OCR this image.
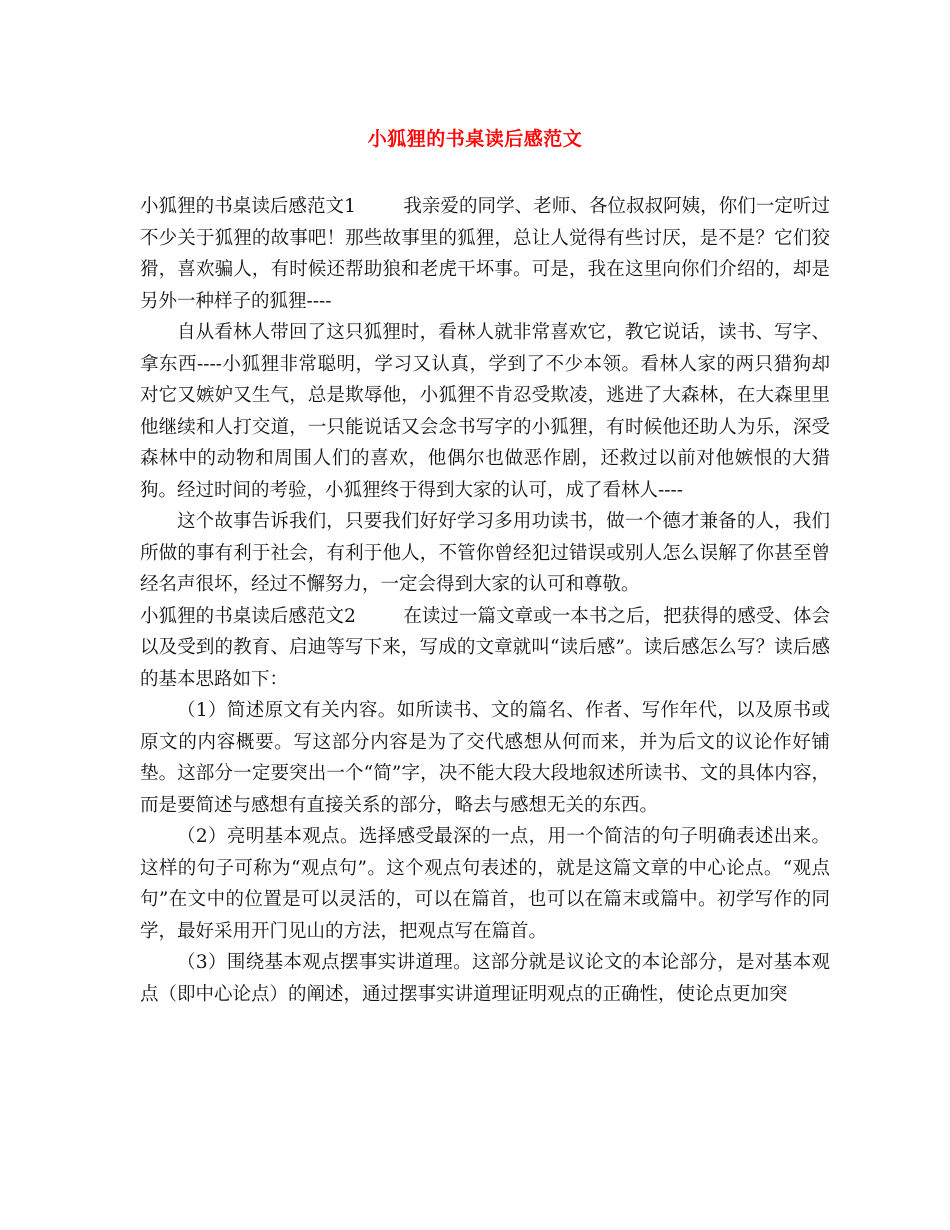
小狐狸的书桌读后感范文

小狐狸的书桌读后感范文1	我亲爱的同学、老师、各位叔叔阿姨，你们一定听过不少关于狐狸的故事吧！那些故事里的狐狸，总让人觉得有些讨厌，是不是？它们狡猾，喜欢骗人，有时候还帮助狼和老虎干坏事。可是，我在这里向你们介绍的，却是另外一种样子的狐狸----

自从看林人带回了这只狐狸时，看林人就非常喜欢它，教它说话，读书、写字、拿东西----小狐狸非常聪明，学习又认真，学到了不少本领。看林人家的两只猎狗却对它又嫉妒又生气，总是欺辱他，小狐狸不肯忍受欺凌，逃进了大森林，在大森里里他继续和人打交道，一只能说话又会念书写字的小狐狸，有时候他还助人为乐，深受森林中的动物和周围人们的喜欢，他偶尔也做恶作剧，还救过以前对他嫉恨的大猎狗。经过时间的考验，小狐狸终于得到大家的认可，成了看林人----

这个故事告诉我们，只要我们好好学习多用功读书，做一个德才兼备的人，我们所做的事有利于社会，有利于他人，不管你曾经犯过错误或别人怎么误解了你甚至曾经名声很坏，经过不懈努力，一定会得到大家的认可和尊敬。

小狐狸的书桌读后感范文2	在读过一篇文章或一本书之后，把获得的感受、体会以及受到的教育、启迪等写下来，写成的文章就叫“读后感”。读后感怎么写？读后感的基本思路如下：

（1）简述原文有关内容。如所读书、文的篇名、作者、写作年代，以及原书或原文的内容概要。写这部分内容是为了交代感想从何而来，并为后文的议论作好铺垫。这部分一定要突出一个“简”字，决不能大段大段地叙述所读书、文的具体内容，而是要简述与感想有直接关系的部分，略去与感想无关的东西。

（2）亮明基本观点。选择感受最深的一点，用一个简洁的句子明确表述出来。这样的句子可称为“观点句”。这个观点句表述的，就是这篇文章的中心论点。“观点句”在文中的位置是可以灵活的，可以在篇首，也可以在篇末或篇中。初学写作的同学，最好采用开门见山的方法，把观点写在篇首。

（3）围绕基本观点摆事实讲道理。这部分就是议论文的本论部分，是对基本观点（即中心论点）的阐述，通过摆事实讲道理证明观点的正确性，使论点更加突
